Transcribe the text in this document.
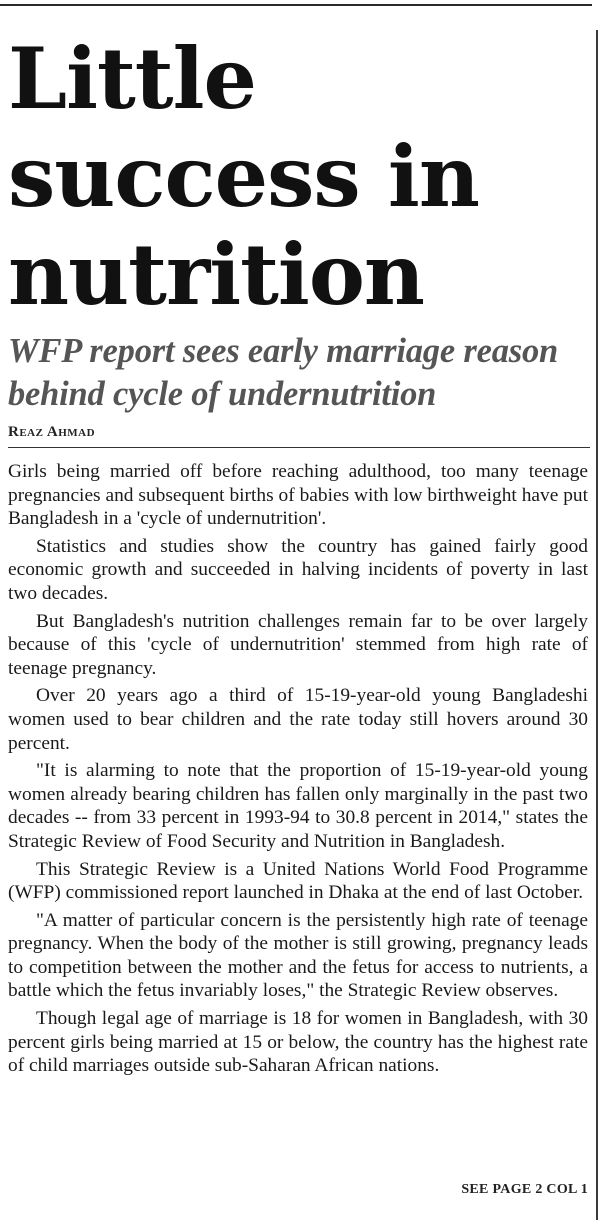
Little success in nutrition
WFP report sees early marriage reason behind cycle of undernutrition
Reaz Ahmad

Girls being married off before reaching adulthood, too many teenage pregnancies and subsequent births of babies with low birthweight have put Bangladesh in a 'cycle of undernutrition'.

Statistics and studies show the country has gained fairly good economic growth and succeeded in halving incidents of poverty in last two decades.

But Bangladesh's nutrition challenges remain far to be over largely because of this 'cycle of undernutrition' stemmed from high rate of teenage pregnancy.

Over 20 years ago a third of 15-19-year-old young Bangladeshi women used to bear children and the rate today still hovers around 30 percent.

"It is alarming to note that the proportion of 15-19-year-old young women already bearing children has fallen only marginally in the past two decades -- from 33 percent in 1993-94 to 30.8 percent in 2014," states the Strategic Review of Food Security and Nutrition in Bangladesh.

This Strategic Review is a United Nations World Food Programme (WFP) commissioned report launched in Dhaka at the end of last October.

"A matter of particular concern is the persistently high rate of teenage pregnancy. When the body of the mother is still growing, pregnancy leads to competition between the mother and the fetus for access to nutrients, a battle which the fetus invariably loses," the Strategic Review observes.

Though legal age of marriage is 18 for women in Bangladesh, with 30 percent girls being married at 15 or below, the country has the highest rate of child marriages outside sub-Saharan African nations.

SEE PAGE 2 COL 1
